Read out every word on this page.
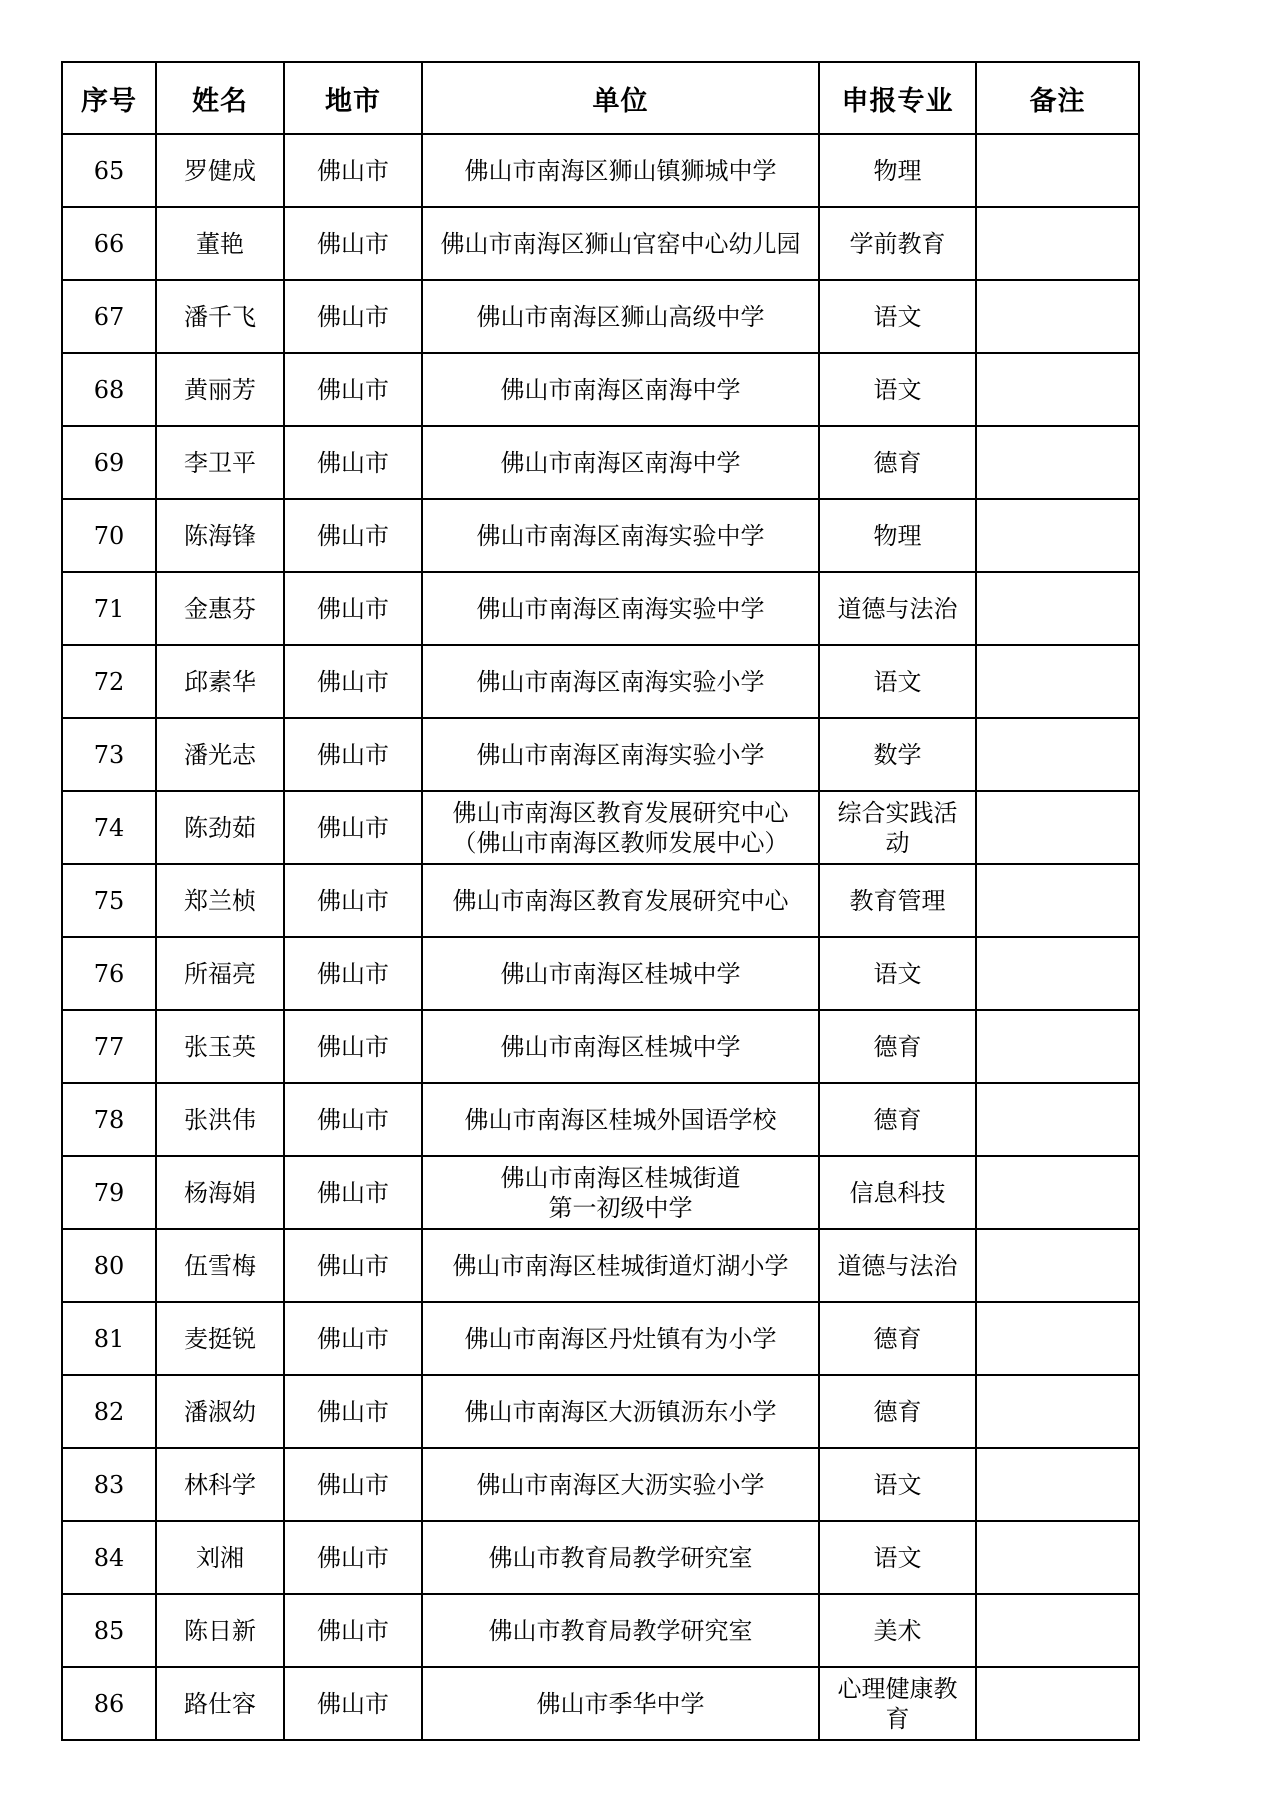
序号	姓名	地市	单位	申报专业	备注
65	罗健成	佛山市	佛山市南海区狮山镇狮城中学	物理	

66	董艳	佛山市	佛山市南海区狮山官窑中心幼儿园	学前教育	

67	潘千飞	佛山市	佛山市南海区狮山高级中学	语文	

68	黄丽芳	佛山市	佛山市南海区南海中学	语文	

69	李卫平	佛山市	佛山市南海区南海中学	德育	

70	陈海锋	佛山市	佛山市南海区南海实验中学	物理	

71	金惠芬	佛山市	佛山市南海区南海实验中学	道德与法治	

72	邱素华	佛山市	佛山市南海区南海实验小学	语文	

73	潘光志	佛山市	佛山市南海区南海实验小学	数学	

74	陈劲茹	佛山市	佛山市南海区教育发展研究中心
（佛山市南海区教师发展中心）	综合实践活
动	

75	郑兰桢	佛山市	佛山市南海区教育发展研究中心	教育管理	

76	所福亮	佛山市	佛山市南海区桂城中学	语文	

77	张玉英	佛山市	佛山市南海区桂城中学	德育	

78	张洪伟	佛山市	佛山市南海区桂城外国语学校	德育	

79	杨海娟	佛山市	佛山市南海区桂城街道
第一初级中学	信息科技	

80	伍雪梅	佛山市	佛山市南海区桂城街道灯湖小学	道德与法治	

81	麦挺锐	佛山市	佛山市南海区丹灶镇有为小学	德育	

82	潘淑幼	佛山市	佛山市南海区大沥镇沥东小学	德育	

83	林科学	佛山市	佛山市南海区大沥实验小学	语文	

84	刘湘	佛山市	佛山市教育局教学研究室	语文	

85	陈日新	佛山市	佛山市教育局教学研究室	美术	

86	路仕容	佛山市	佛山市季华中学	心理健康教
育	
